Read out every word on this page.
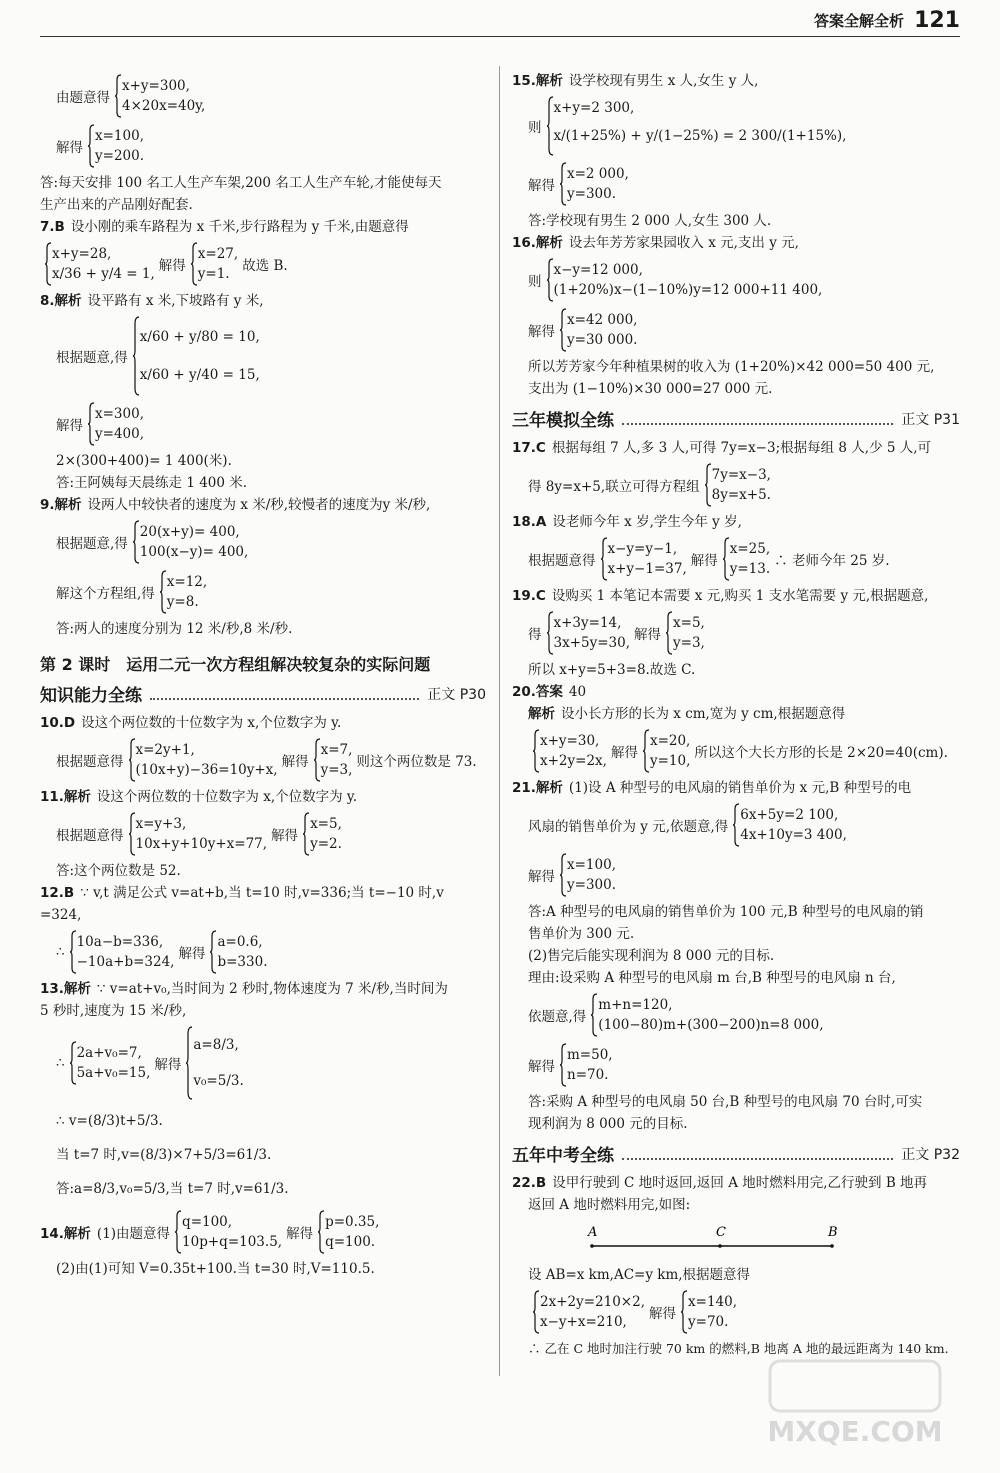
答案全解全析 121
由题意得
x+y=300,
4×20x=40y,
解得
x=100,
y=200.
答:每天安排 100 名工人生产车架,200 名工人生产车轮,才能使每天
生产出来的产品刚好配套.
7.B 设小刚的乘车路程为 x 千米,步行路程为 y 千米,由题意得
x+y=28,
x/36 + y/4 = 1, 解得
x=27,
y=1. 故选 B.
8.解析 设平路有 x 米,下坡路有 y 米,
根据题意,得
x/60 + y/80 = 10,
x/60 + y/40 = 15,
解得
x=300,
y=400,
2×(300+400)= 1 400(米).
答:王阿姨每天晨练走 1 400 米.
9.解析 设两人中较快者的速度为 x 米/秒,较慢者的速度为y 米/秒,
根据题意,得
20(x+y)= 400,
100(x−y)= 400,
解这个方程组,得
x=12,
y=8.
答:两人的速度分别为 12 米/秒,8 米/秒.
第 2 课时　运用二元一次方程组解决较复杂的实际问题
知识能力全练	正文 P30
10.D 设这个两位数的十位数字为 x,个位数字为 y.
根据题意得
x=2y+1,
(10x+y)−36=10y+x, 解得
x=7,
y=3, 则这个两位数是 73.
11.解析 设这个两位数的十位数字为 x,个位数字为 y.
根据题意得
x=y+3,
10x+y+10y+x=77, 解得
x=5,
y=2.
答:这个两位数是 52.
12.B ∵ v,t 满足公式 v=at+b,当 t=10 时,v=336;当 t=−10 时,v
=324,
∴
10a−b=336,
−10a+b=324, 解得
a=0.6,
b=330.
13.解析 ∵ v=at+v₀,当时间为 2 秒时,物体速度为 7 米/秒,当时间为
5 秒时,速度为 15 米/秒,
∴
2a+v₀=7,
5a+v₀=15, 解得
a=8/3,
v₀=5/3.
∴ v=(8/3)t+5/3.
当 t=7 时,v=(8/3)×7+5/3=61/3.
答:a=8/3,v₀=5/3,当 t=7 时,v=61/3.
14.解析 (1)由题意得
q=100,
10p+q=103.5, 解得
p=0.35,
q=100.
(2)由(1)可知 V=0.35t+100.当 t=30 时,V=110.5.
15.解析 设学校现有男生 x 人,女生 y 人,
则
x+y=2 300,
x/(1+25%) + y/(1−25%) = 2 300/(1+15%),
解得
x=2 000,
y=300.
答:学校现有男生 2 000 人,女生 300 人.
16.解析 设去年芳芳家果园收入 x 元,支出 y 元,
则
x−y=12 000,
(1+20%)x−(1−10%)y=12 000+11 400,
解得
x=42 000,
y=30 000.
所以芳芳家今年种植果树的收入为 (1+20%)×42 000=50 400 元,
支出为 (1−10%)×30 000=27 000 元.
三年模拟全练	正文 P31
17.C 根据每组 7 人,多 3 人,可得 7y=x−3;根据每组 8 人,少 5 人,可
得 8y=x+5,联立可得方程组
7y=x−3,
8y=x+5.
18.A 设老师今年 x 岁,学生今年 y 岁,
根据题意得
x−y=y−1,
x+y−1=37, 解得
x=25,
y=13. ∴ 老师今年 25 岁.
19.C 设购买 1 本笔记本需要 x 元,购买 1 支水笔需要 y 元,根据题意,
得
x+3y=14,
3x+5y=30, 解得
x=5,
y=3,
所以 x+y=5+3=8.故选 C.
20.答案 40
解析 设小长方形的长为 x cm,宽为 y cm,根据题意得
x+y=30,
x+2y=2x, 解得
x=20,
y=10, 所以这个大长方形的长是 2×20=40(cm).
21.解析 (1)设 A 种型号的电风扇的销售单价为 x 元,B 种型号的电
风扇的销售单价为 y 元,依题意,得
6x+5y=2 100,
4x+10y=3 400,
解得
x=100,
y=300.
答:A 种型号的电风扇的销售单价为 100 元,B 种型号的电风扇的销
售单价为 300 元.
(2)售完后能实现利润为 8 000 元的目标.
理由:设采购 A 种型号的电风扇 m 台,B 种型号的电风扇 n 台,
依题意,得
m+n=120,
(100−80)m+(300−200)n=8 000,
解得
m=50,
n=70.
答:采购 A 种型号的电风扇 50 台,B 种型号的电风扇 70 台时,可实
现利润为 8 000 元的目标.
五年中考全练	正文 P32
22.B 设甲行驶到 C 地时返回,返回 A 地时燃料用完,乙行驶到 B 地再
返回 A 地时燃料用完,如图:
A	C	B
设 AB=x km,AC=y km,根据题意得
2x+2y=210×2,
x−y+x=210,	解得
x=140,
y=70.
∴ 乙在 C 地时加注行驶 70 km 的燃料,B 地离 A 地的最远距离为 140 km.
MXQE.COM
